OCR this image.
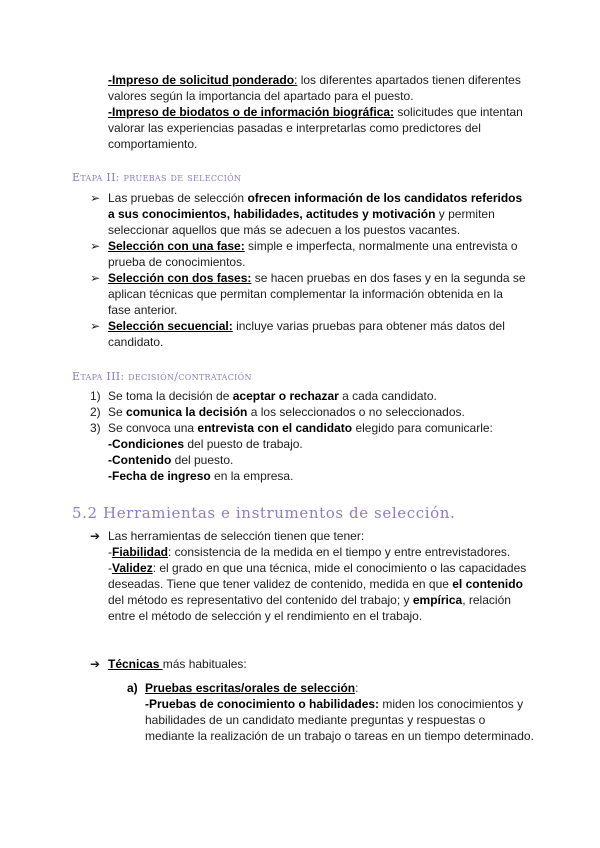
-Impreso de solicitud ponderado: los diferentes apartados tienen diferentes valores según la importancia del apartado para el puesto.
-Impreso de biodatos o de información biográfica: solicitudes que intentan valorar las experiencias pasadas e interpretarlas como predictores del comportamiento.
Etapa II: pruebas de selección
➢ Las pruebas de selección ofrecen información de los candidatos referidos a sus conocimientos, habilidades, actitudes y motivación y permiten seleccionar aquellos que más se adecuen a los puestos vacantes.
➢ Selección con una fase: simple e imperfecta, normalmente una entrevista o prueba de conocimientos.
➢ Selección con dos fases: se hacen pruebas en dos fases y en la segunda se aplican técnicas que permitan complementar la información obtenida en la fase anterior.
➢ Selección secuencial: incluye varias pruebas para obtener más datos del candidato.
Etapa III: decisión/contratación
1) Se toma la decisión de aceptar o rechazar a cada candidato.
2) Se comunica la decisión a los seleccionados o no seleccionados.
3) Se convoca una entrevista con el candidato elegido para comunicarle:
-Condiciones del puesto de trabajo.
-Contenido del puesto.
-Fecha de ingreso en la empresa.
5.2 Herramientas e instrumentos de selección.
➔ Las herramientas de selección tienen que tener:
-Fiabilidad: consistencia de la medida en el tiempo y entre entrevistadores.
-Validez: el grado en que una técnica, mide el conocimiento o las capacidades deseadas. Tiene que tener validez de contenido, medida en que el contenido del método es representativo del contenido del trabajo; y empírica, relación entre el método de selección y el rendimiento en el trabajo.
➔ Técnicas más habituales:
a) Pruebas escritas/orales de selección:
-Pruebas de conocimiento o habilidades: miden los conocimientos y habilidades de un candidato mediante preguntas y respuestas o mediante la realización de un trabajo o tareas en un tiempo determinado.
